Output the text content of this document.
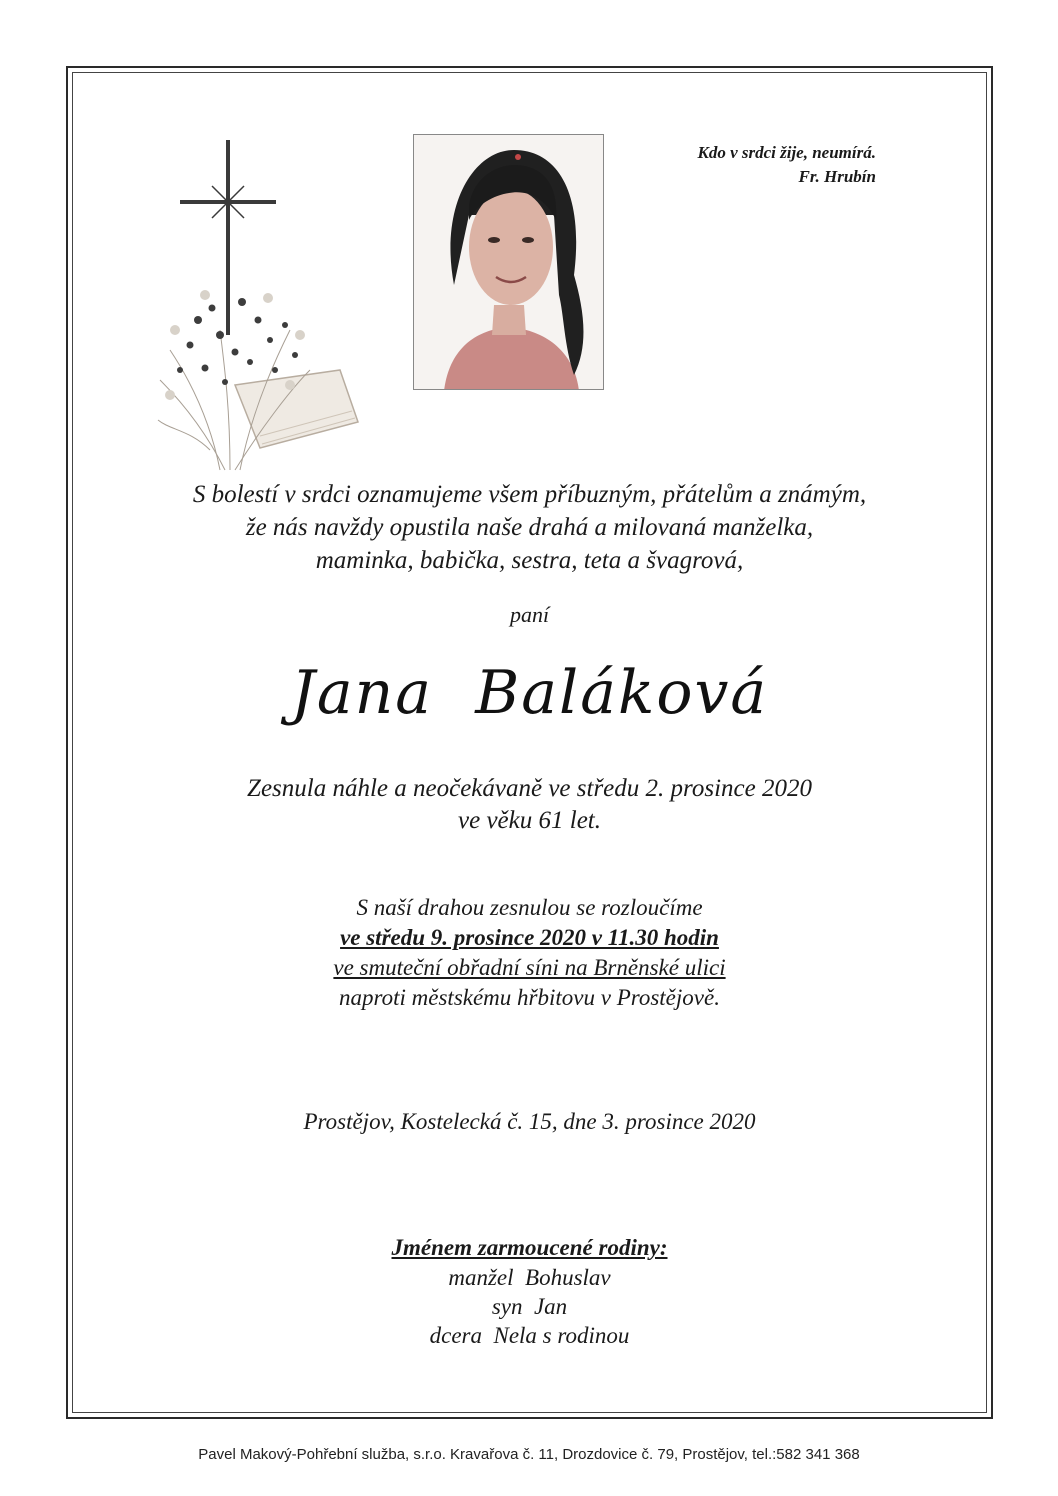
Kdo v srdci žije, neumírá.
Fr. Hrubín
S bolestí v srdci oznamujeme všem příbuzným, přátelům a známým,
že nás navždy opustila naše drahá a milovaná manželka,
maminka, babička, sestra, teta a švagrová,
paní
Jana  Baláková
Zesnula náhle a neočekávaně ve středu 2. prosince 2020
ve věku 61 let.
S naší drahou zesnulou se rozloučíme
ve středu 9. prosince 2020 v 11.30 hodin
ve smuteční obřadní síni na Brněnské ulici
naproti městskému hřbitovu v Prostějově.
Prostějov, Kostelecká č. 15, dne 3. prosince 2020
Jménem zarmoucené rodiny:
manžel  Bohuslav
syn  Jan
dcera  Nela s rodinou
Pavel Makový-Pohřební služba, s.r.o. Kravařova č. 11, Drozdovice č. 79, Prostějov, tel.:582 341 368
